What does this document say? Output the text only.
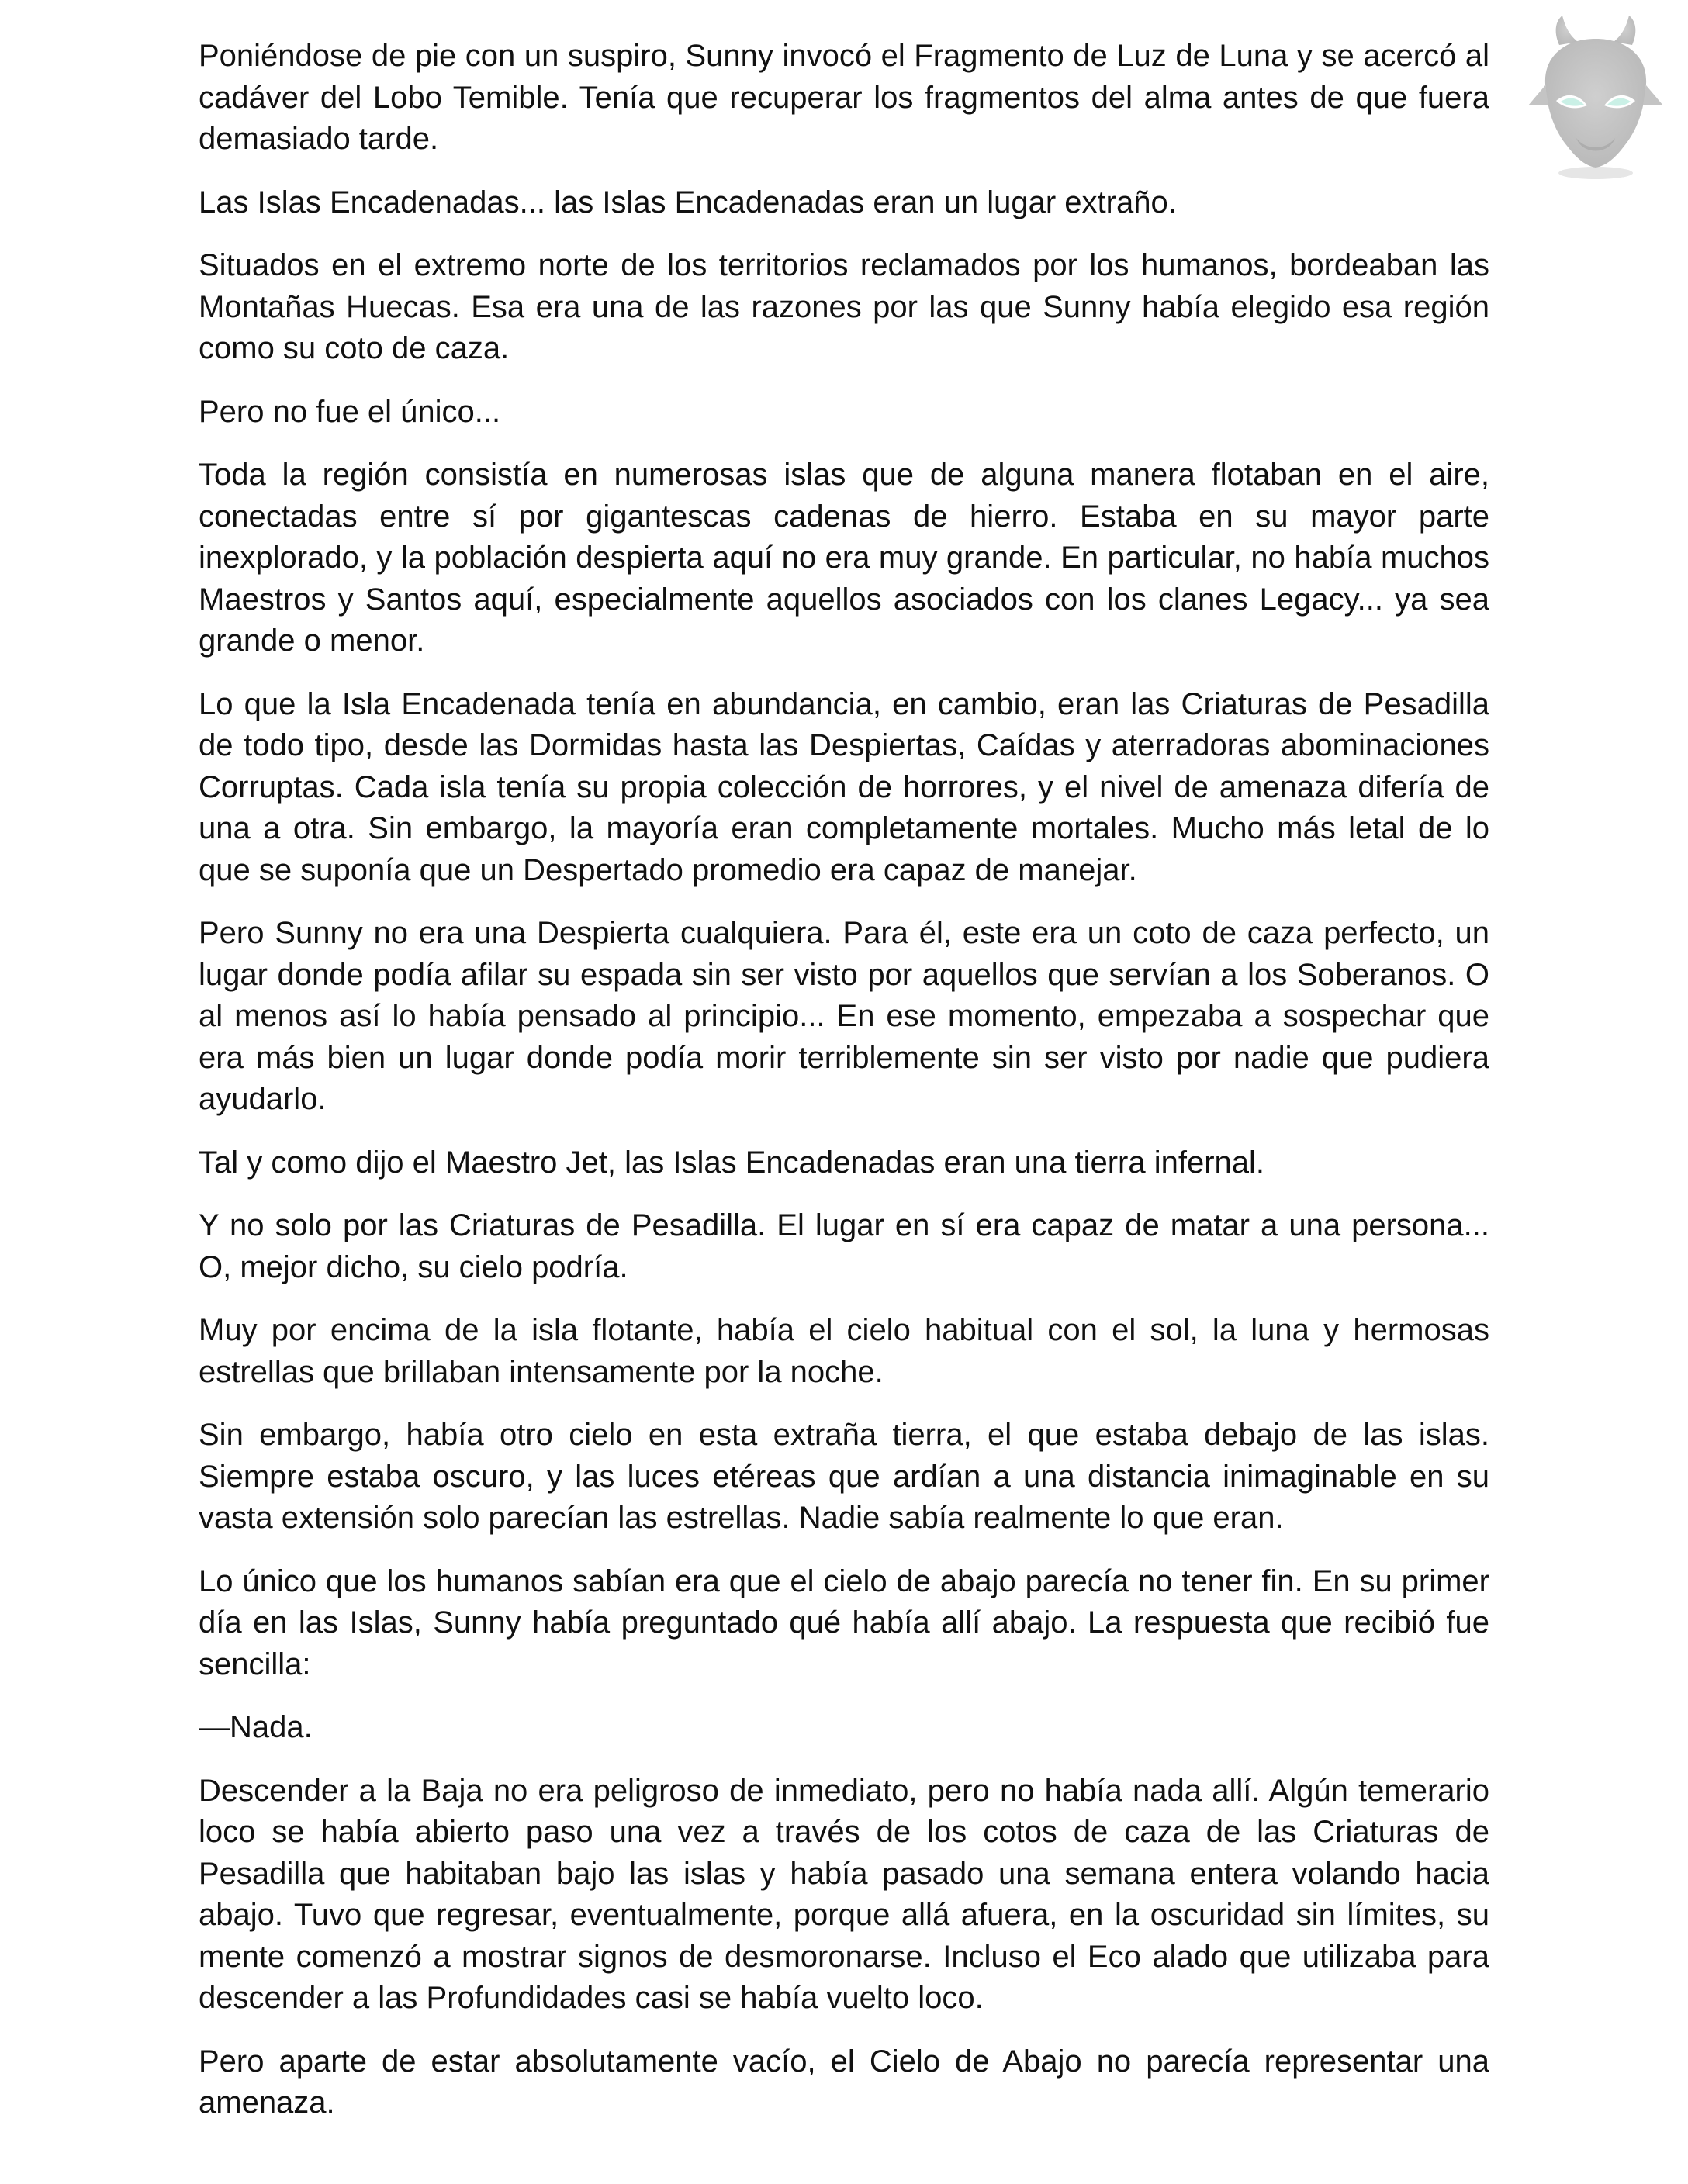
Poniéndose de pie con un suspiro, Sunny invocó el Fragmento de Luz de Luna y se acercó al cadáver del Lobo Temible. Tenía que recuperar los fragmentos del alma antes de que fuera demasiado tarde.

Las Islas Encadenadas... las Islas Encadenadas eran un lugar extraño.

Situados en el extremo norte de los territorios reclamados por los humanos, bordeaban las Montañas Huecas. Esa era una de las razones por las que Sunny había elegido esa región como su coto de caza.

Pero no fue el único...

Toda la región consistía en numerosas islas que de alguna manera flotaban en el aire, conectadas entre sí por gigantescas cadenas de hierro. Estaba en su mayor parte inexplorado, y la población despierta aquí no era muy grande. En particular, no había muchos Maestros y Santos aquí, especialmente aquellos asociados con los clanes Legacy... ya sea grande o menor.

Lo que la Isla Encadenada tenía en abundancia, en cambio, eran las Criaturas de Pesadilla de todo tipo, desde las Dormidas hasta las Despiertas, Caídas y aterradoras abominaciones Corruptas. Cada isla tenía su propia colección de horrores, y el nivel de amenaza difería de una a otra. Sin embargo, la mayoría eran completamente mortales. Mucho más letal de lo que se suponía que un Despertado promedio era capaz de manejar.

Pero Sunny no era una Despierta cualquiera. Para él, este era un coto de caza perfecto, un lugar donde podía afilar su espada sin ser visto por aquellos que servían a los Soberanos. O al menos así lo había pensado al principio... En ese momento, empezaba a sospechar que era más bien un lugar donde podía morir terriblemente sin ser visto por nadie que pudiera ayudarlo.

Tal y como dijo el Maestro Jet, las Islas Encadenadas eran una tierra infernal.

Y no solo por las Criaturas de Pesadilla. El lugar en sí era capaz de matar a una persona... O, mejor dicho, su cielo podría.

Muy por encima de la isla flotante, había el cielo habitual con el sol, la luna y hermosas estrellas que brillaban intensamente por la noche.

Sin embargo, había otro cielo en esta extraña tierra, el que estaba debajo de las islas. Siempre estaba oscuro, y las luces etéreas que ardían a una distancia inimaginable en su vasta extensión solo parecían las estrellas. Nadie sabía realmente lo que eran.

Lo único que los humanos sabían era que el cielo de abajo parecía no tener fin. En su primer día en las Islas, Sunny había preguntado qué había allí abajo. La respuesta que recibió fue sencilla:

—Nada.

Descender a la Baja no era peligroso de inmediato, pero no había nada allí. Algún temerario loco se había abierto paso una vez a través de los cotos de caza de las Criaturas de Pesadilla que habitaban bajo las islas y había pasado una semana entera volando hacia abajo. Tuvo que regresar, eventualmente, porque allá afuera, en la oscuridad sin límites, su mente comenzó a mostrar signos de desmoronarse. Incluso el Eco alado que utilizaba para descender a las Profundidades casi se había vuelto loco.

Pero aparte de estar absolutamente vacío, el Cielo de Abajo no parecía representar una amenaza.
